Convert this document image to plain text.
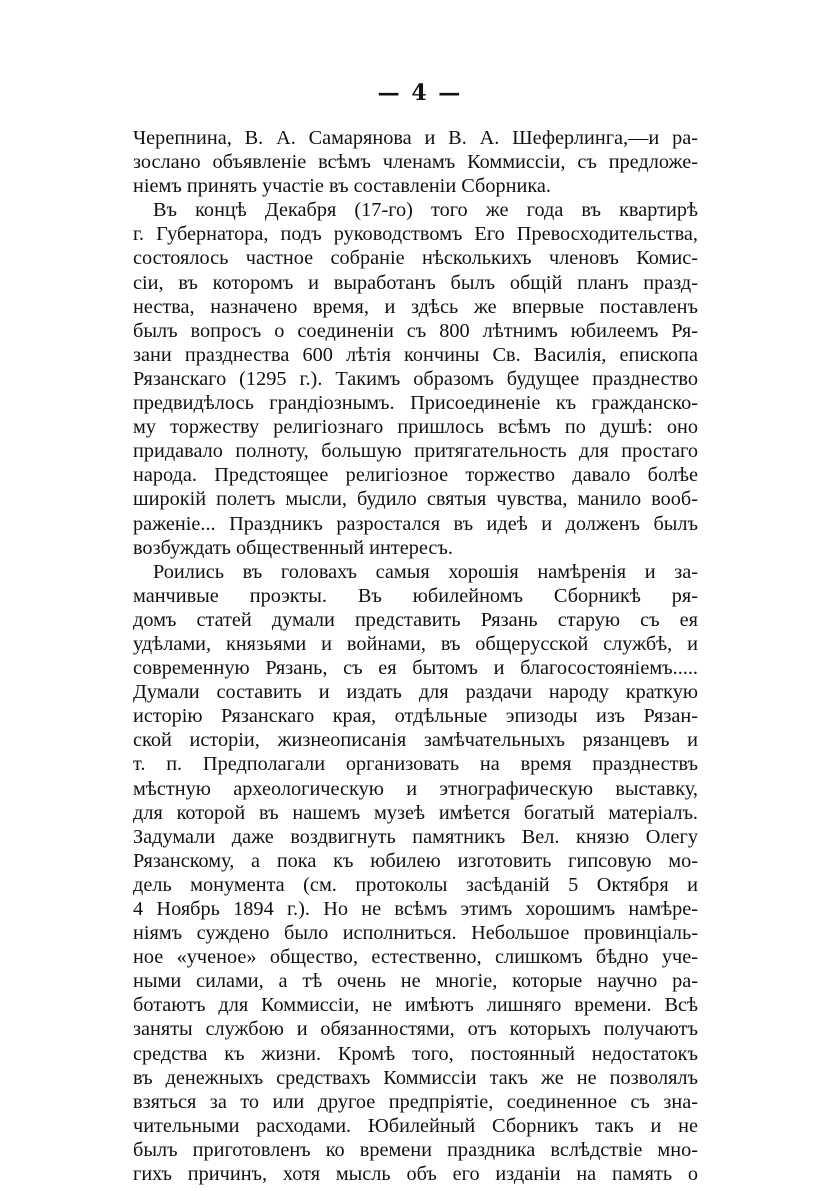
— 4 —
Черепнина, В. А. Самарянова и В. А. Шеферлинга,—и ра-
зослано объявленіе всѣмъ членамъ Коммиссіи, съ предложе-
ніемъ принять участіе въ составленіи Сборника.
Въ концѣ Декабря (17-го) того же года въ квартирѣ
г. Губернатора, подъ руководствомъ Его Превосходительства,
состоялось частное собраніе нѣсколькихъ членовъ Комис-
сіи, въ которомъ и выработанъ былъ общій планъ празд-
нества, назначено время, и здѣсь же впервые поставленъ
былъ вопросъ о соединеніи съ 800 лѣтнимъ юбилеемъ Ря-
зани празднества 600 лѣтія кончины Св. Василія, епископа
Рязанскаго (1295 г.). Такимъ образомъ будущее празднество
предвидѣлось грандіознымъ. Присоединеніе къ гражданско-
му торжеству религіознаго пришлось всѣмъ по душѣ: оно
придавало полноту, большую притягательность для простаго
народа. Предстоящее религіозное торжество давало болѣе
широкій полетъ мысли, будило святыя чувства, манило вооб-
раженіе... Праздникъ разростался въ идеѣ и долженъ былъ
возбуждать общественный интересъ.
Роились въ головахъ самыя хорошія намѣренія и за-
манчивые проэкты. Въ юбилейномъ Сборникѣ ря-
домъ статей думали представить Рязань старую съ ея
удѣлами, князьями и войнами, въ общерусской службѣ, и
современную Рязань, съ ея бытомъ и благосостояніемъ.....
Думали составить и издать для раздачи народу краткую
исторію Рязанскаго края, отдѣльные эпизоды изъ Рязан-
ской исторіи, жизнеописанія замѣчательныхъ рязанцевъ и
т. п. Предполагали организовать на время празднествъ
мѣстную археологическую и этнографическую выставку,
для которой въ нашемъ музеѣ имѣется богатый матеріалъ.
Задумали даже воздвигнуть памятникъ Вел. князю Олегу
Рязанскому, а пока къ юбилею изготовить гипсовую мо-
дель монумента (см. протоколы засѣданій 5 Октября и
4 Ноябрь 1894 г.). Но не всѣмъ этимъ хорошимъ намѣре-
ніямъ суждено было исполниться. Небольшое провинціаль-
ное «ученое» общество, естественно, слишкомъ бѣдно уче-
ными силами, а тѣ очень не многіе, которые научно ра-
ботаютъ для Коммиссіи, не имѣютъ лишняго времени. Всѣ
заняты службою и обязанностями, отъ которыхъ получаютъ
средства къ жизни. Кромѣ того, постоянный недостатокъ
въ денежныхъ средствахъ Коммиссіи такъ же не позволялъ
взяться за то или другое предпріятіе, соединенное съ зна-
чительными расходами. Юбилейный Сборникъ такъ и не
былъ приготовленъ ко времени праздника вслѣдствіе мно-
гихъ причинъ, хотя мысль объ его изданіи на память о
